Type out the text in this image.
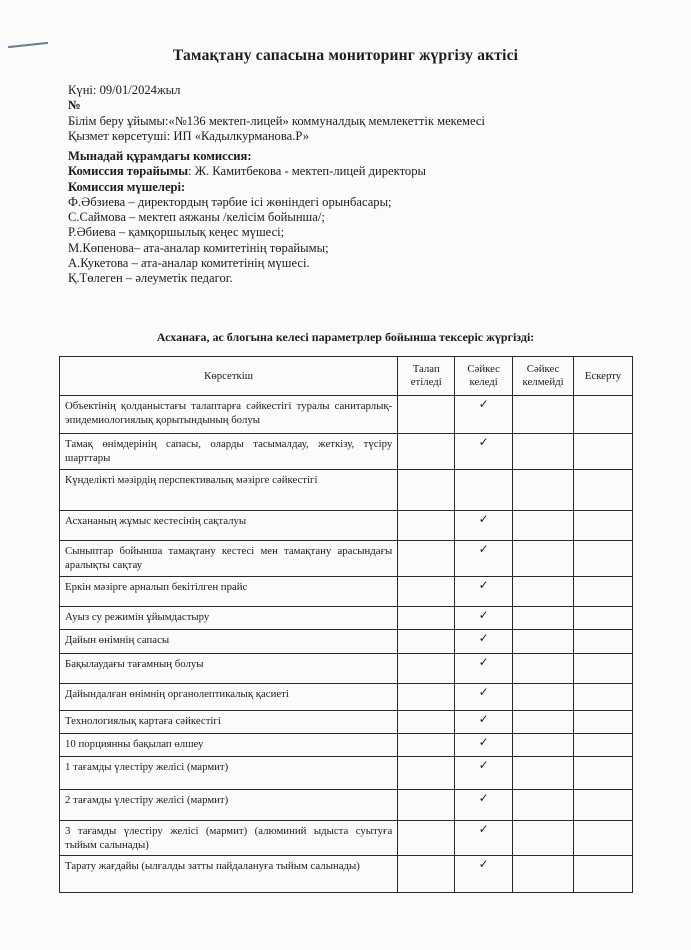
Тамақтану сапасына мониторинг жүргізу актісі
Күні: 09/01/2024жыл
№
Білім беру ұйымы:«№136 мектеп-лицей» коммуналдық мемлекеттік мекемесі
Қызмет көрсетуші: ИП «Кадылкурманова.Р»
Мынадай құрамдағы комиссия:
Комиссия төрайымы: Ж. Камитбекова - мектеп-лицей директоры
Комиссия мүшелері:
Ф.Әбзиева – директордың тәрбие ісі жөніндегі орынбасары;
С.Саймова – мектеп аяжаны /келісім бойынша/;
Р.Әбиева – қамқоршылық кеңес мүшесі;
М.Көпенова– ата-аналар комитетінің төрайымы;
А.Кукетова – ата-аналар комитетінің мүшесі.
Қ.Төлеген – әлеуметік педагог.
Асханаға, ас блогына келесі параметрлер бойынша тексеріс жүргізді:
Көрсеткіш	Талап етіледі	Сәйкес келеді	Сәйкес келмейді	Ескерту
Объектінің қолданыстағы талаптарға сәйкестігі туралы санитарлық-эпидемиологиялық қорытындының болуы		✓		
Тамақ өнімдерінің сапасы, оларды тасымалдау, жеткізу, түсіру шарттары		✓		
Күнделікті мәзірдің перспективалық мәзірге сәйкестігі				
Асхананың жұмыс кестесінің сақталуы		✓		
Сыныптар бойынша тамақтану кестесі мен тамақтану арасындағы аралықты сақтау		✓		
Еркін мәзірге арналып бекітілген прайс		✓		
Ауыз су режимін ұйымдастыру		✓		
Дайын өнімнің сапасы		✓		
Бақылаудағы тағамның болуы		✓		
Дайындалған өнімнің органолептикалық қасиеті		✓		
Технологиялық картаға сәйкестігі		✓		
10 порциянны бақылап өлшеу		✓		
1 тағамды үлестіру желісі (мармит)		✓		
2 тағамды үлестіру желісі (мармит)		✓		
3 тағамды үлестіру желісі (мармит) (алюминий ыдыста суытуға тыйым салынады)		✓		
Тарату жағдайы (ылғалды затты пайдалануға тыйым салынады)		✓		
